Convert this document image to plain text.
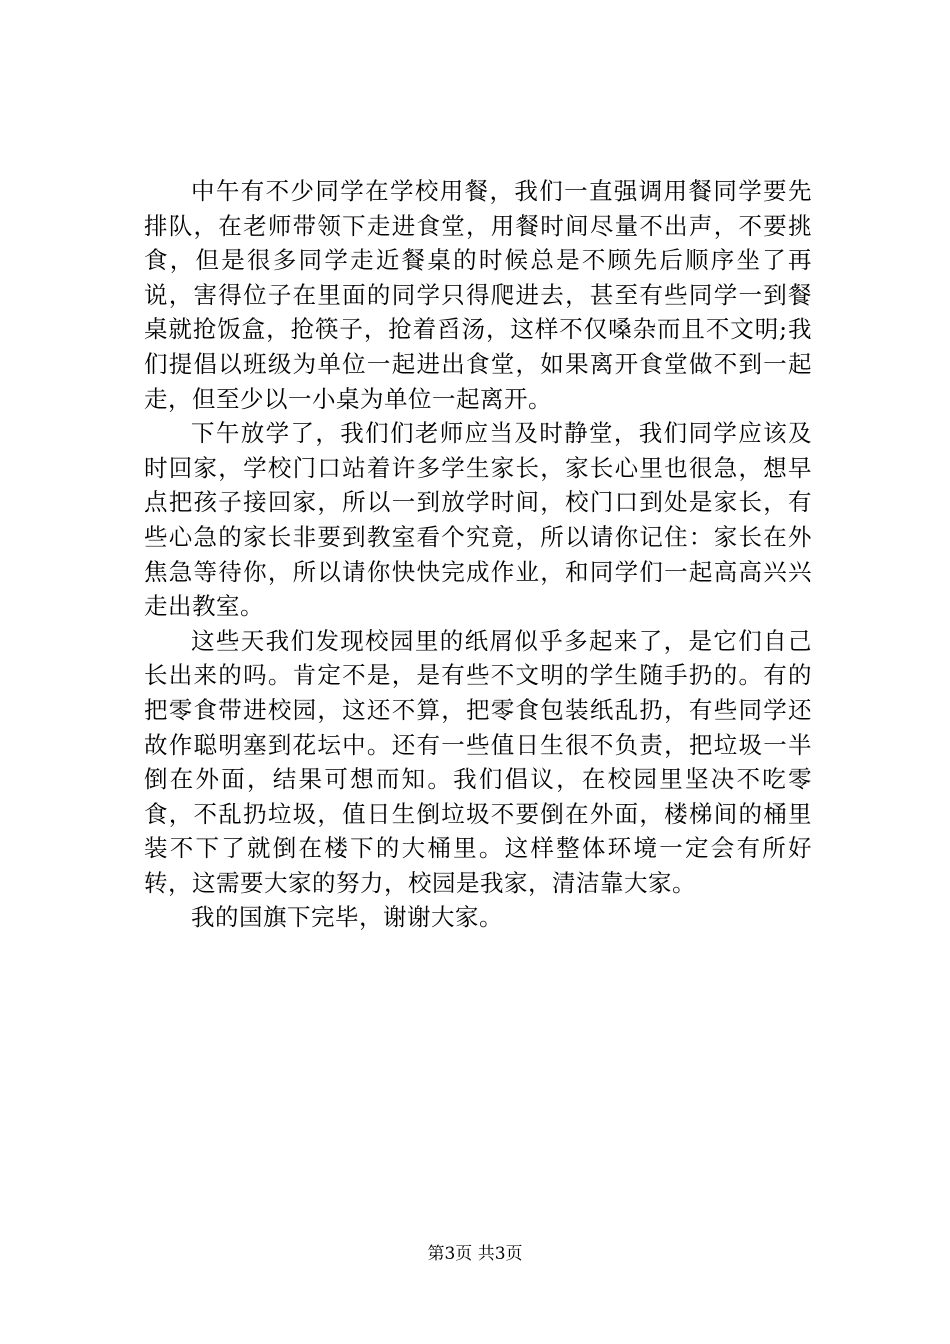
中午有不少同学在学校用餐，我们一直强调用餐同学要先排队，在老师带领下走进食堂，用餐时间尽量不出声，不要挑食，但是很多同学走近餐桌的时候总是不顾先后顺序坐了再说，害得位子在里面的同学只得爬进去，甚至有些同学一到餐桌就抢饭盒，抢筷子，抢着舀汤，这样不仅嗓杂而且不文明;我们提倡以班级为单位一起进出食堂，如果离开食堂做不到一起走，但至少以一小桌为单位一起离开。

下午放学了，我们们老师应当及时静堂，我们同学应该及时回家，学校门口站着许多学生家长，家长心里也很急，想早点把孩子接回家，所以一到放学时间，校门口到处是家长，有些心急的家长非要到教室看个究竟，所以请你记住：家长在外焦急等待你，所以请你快快完成作业，和同学们一起高高兴兴走出教室。

这些天我们发现校园里的纸屑似乎多起来了，是它们自己长出来的吗。肯定不是，是有些不文明的学生随手扔的。有的把零食带进校园，这还不算，把零食包装纸乱扔，有些同学还故作聪明塞到花坛中。还有一些值日生很不负责，把垃圾一半倒在外面，结果可想而知。我们倡议，在校园里坚决不吃零食，不乱扔垃圾，值日生倒垃圾不要倒在外面，楼梯间的桶里装不下了就倒在楼下的大桶里。这样整体环境一定会有所好转，这需要大家的努力，校园是我家，清洁靠大家。

我的国旗下完毕，谢谢大家。

第3页 共3页
